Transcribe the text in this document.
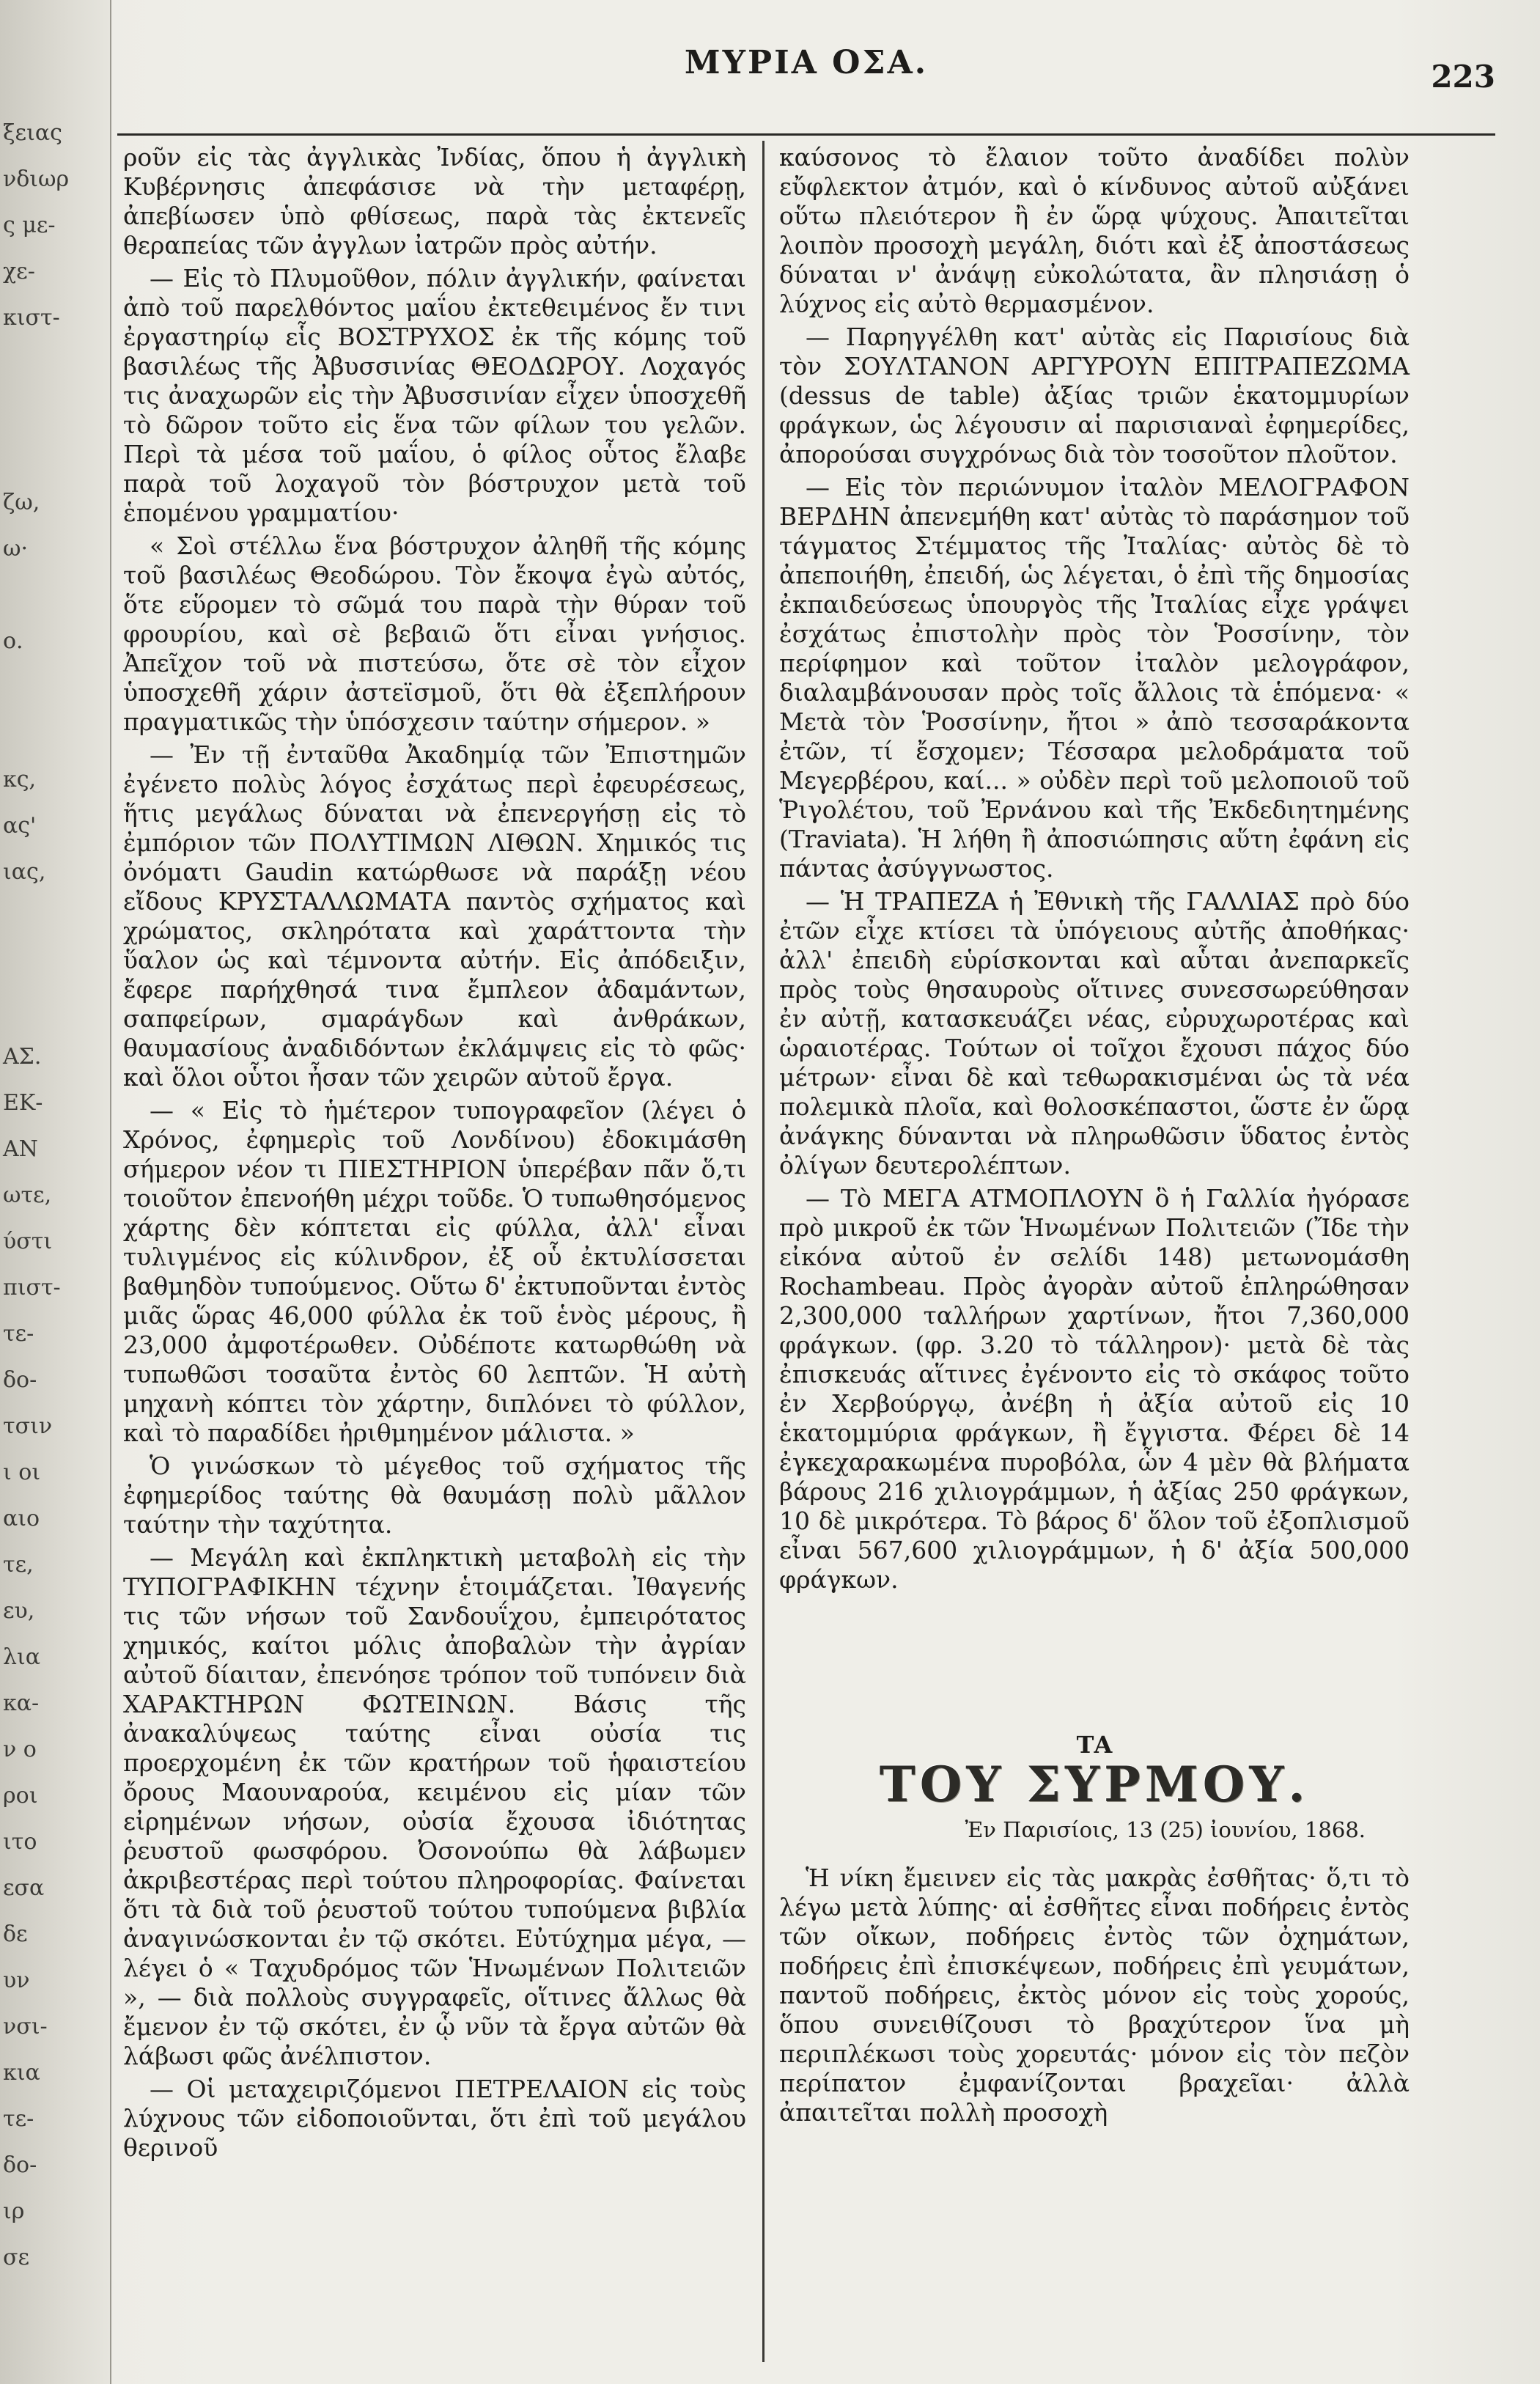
ξειας
νδιωρ
ς με-
χε-
κιστ-

ζω,
ω·

ο.

κς,
ας'
ιας,

ΑΣ.
ΕΚ-
ΑΝ
ωτε,
ύστι
πιστ-
τε-
δο-
τσιν
ι οι
αιο
τε,
ευ,
λια
κα-
ν ο
ροι
ιτο
εσα
δε
υν
νσι-
κια
τε-
δο-
ιρ
σε
ΜΥΡΙΑ ΟΣΑ.	223

ροῦν εἰς τὰς ἀγγλικὰς Ἰνδίας, ὅπου ἡ ἀγγλικὴ Κυβέρνησις ἀπεφάσισε νὰ τὴν μεταφέρῃ, ἀπεβίωσεν ὑπὸ φθίσεως, παρὰ τὰς ἐκτενεῖς θεραπείας τῶν ἀγγλων ἰατρῶν πρὸς αὐτήν.

— Εἰς τὸ Πλυμοῦθον, πόλιν ἀγγλικήν, φαίνεται ἀπὸ τοῦ παρελθόντος μαΐου ἐκτεθειμένος ἔν τινι ἐργαστηρίῳ εἷς ΒΟΣΤΡΥΧΟΣ ἐκ τῆς κόμης τοῦ βασιλέως τῆς Ἀβυσσινίας ΘΕΟΔΩΡΟΥ. Λοχαγός τις ἀναχωρῶν εἰς τὴν Ἀβυσσινίαν εἶχεν ὑποσχεθῆ τὸ δῶρον τοῦτο εἰς ἕνα τῶν φίλων του γελῶν. Περὶ τὰ μέσα τοῦ μαΐου, ὁ φίλος οὗτος ἔλαβε παρὰ τοῦ λοχαγοῦ τὸν βόστρυχον μετὰ τοῦ ἑπομένου γραμματίου·

« Σοὶ στέλλω ἕνα βόστρυχον ἀληθῆ τῆς κόμης τοῦ βασιλέως Θεοδώρου. Τὸν ἔκοψα ἐγὼ αὐτός, ὅτε εὕρομεν τὸ σῶμά του παρὰ τὴν θύραν τοῦ φρουρίου, καὶ σὲ βεβαιῶ ὅτι εἶναι γνήσιος. Ἀπεῖχον τοῦ νὰ πιστεύσω, ὅτε σὲ τὸν εἶχον ὑποσχεθῆ χάριν ἀστεϊσμοῦ, ὅτι θὰ ἐξεπλήρουν πραγματικῶς τὴν ὑπόσχεσιν ταύτην σήμερον. »

— Ἐν τῇ ἐνταῦθα Ἀκαδημίᾳ τῶν Ἐπιστημῶν ἐγένετο πολὺς λόγος ἐσχάτως περὶ ἐφευρέσεως, ἥτις μεγάλως δύναται νὰ ἐπενεργήσῃ εἰς τὸ ἐμπόριον τῶν ΠΟΛΥΤΙΜΩΝ ΛΙΘΩΝ. Χημικός τις ὀνόματι Gaudin κατώρθωσε νὰ παράξῃ νέου εἴδους ΚΡΥΣΤΑΛΛΩΜΑΤΑ παντὸς σχήματος καὶ χρώματος, σκληρότατα καὶ χαράττοντα τὴν ὕαλον ὡς καὶ τέμνοντα αὐτήν. Εἰς ἀπόδειξιν, ἔφερε παρήχθησά τινα ἔμπλεον ἀδαμάντων, σαπφείρων, σμαράγδων καὶ ἀνθράκων, θαυμασίους ἀναδιδόντων ἐκλάμψεις εἰς τὸ φῶς· καὶ ὅλοι οὗτοι ἦσαν τῶν χειρῶν αὐτοῦ ἔργα.

— « Εἰς τὸ ἡμέτερον τυπογραφεῖον (λέγει ὁ Χρόνος, ἐφημερὶς τοῦ Λονδίνου) ἐδοκιμάσθη σήμερον νέον τι ΠΙΕΣΤΗΡΙΟΝ ὑπερέβαν πᾶν ὅ,τι τοιοῦτον ἐπενοήθη μέχρι τοῦδε. Ὁ τυπωθησόμενος χάρτης δὲν κόπτεται εἰς φύλλα, ἀλλ' εἶναι τυλιγμένος εἰς κύλινδρον, ἐξ οὗ ἐκτυλίσσεται βαθμηδὸν τυπούμενος. Οὕτω δ' ἐκτυποῦνται ἐντὸς μιᾶς ὥρας 46,000 φύλλα ἐκ τοῦ ἑνὸς μέρους, ἢ 23,000 ἀμφοτέρωθεν. Οὐδέποτε κατωρθώθη νὰ τυπωθῶσι τοσαῦτα ἐντὸς 60 λεπτῶν. Ἡ αὐτὴ μηχανὴ κόπτει τὸν χάρτην, διπλόνει τὸ φύλλον, καὶ τὸ παραδίδει ἠριθμημένον μάλιστα. »

Ὁ γινώσκων τὸ μέγεθος τοῦ σχήματος τῆς ἐφημερίδος ταύτης θὰ θαυμάσῃ πολὺ μᾶλλον ταύτην τὴν ταχύτητα.

— Μεγάλη καὶ ἐκπληκτικὴ μεταβολὴ εἰς τὴν ΤΥΠΟΓΡΑΦΙΚΗΝ τέχνην ἑτοιμάζεται. Ἰθαγενής τις τῶν νήσων τοῦ Σανδουΐχου, ἐμπειρότατος χημικός, καίτοι μόλις ἀποβαλὼν τὴν ἀγρίαν αὐτοῦ δίαιταν, ἐπενόησε τρόπον τοῦ τυπόνειν διὰ ΧΑΡΑΚΤΗΡΩΝ ΦΩΤΕΙΝΩΝ. Βάσις τῆς ἀνακαλύψεως ταύτης εἶναι οὐσία τις προερχομένη ἐκ τῶν κρατήρων τοῦ ἡφαιστείου ὄρους Μαουναρούα, κειμένου εἰς μίαν τῶν εἰρημένων νήσων, οὐσία ἔχουσα ἰδιότητας ῥευστοῦ φωσφόρου. Ὀσονούπω θὰ λάβωμεν ἀκριβεστέρας περὶ τούτου πληροφορίας. Φαίνεται ὅτι τὰ διὰ τοῦ ῥευστοῦ τούτου τυπούμενα βιβλία ἀναγινώσκονται ἐν τῷ σκότει. Εὐτύχημα μέγα, — λέγει ὁ « Ταχυδρόμος τῶν Ἡνωμένων Πολιτειῶν », — διὰ πολλοὺς συγγραφεῖς, οἵτινες ἄλλως θὰ ἔμενον ἐν τῷ σκότει, ἐν ᾧ νῦν τὰ ἔργα αὐτῶν θὰ λάβωσι φῶς ἀνέλπιστον.

— Οἱ μεταχειριζόμενοι ΠΕΤΡΕΛΑΙΟΝ εἰς τοὺς λύχνους τῶν εἰδοποιοῦνται, ὅτι ἐπὶ τοῦ μεγάλου θερινοῦ

καύσονος τὸ ἔλαιον τοῦτο ἀναδίδει πολὺν εὔφλεκτον ἀτμόν, καὶ ὁ κίνδυνος αὐτοῦ αὐξάνει οὕτω πλειότερον ἢ ἐν ὥρᾳ ψύχους. Ἀπαιτεῖται λοιπὸν προσοχὴ μεγάλη, διότι καὶ ἐξ ἀποστάσεως δύναται ν' ἀνάψῃ εὐκολώτατα, ἂν πλησιάσῃ ὁ λύχνος εἰς αὐτὸ θερμασμένον.

— Παρηγγέλθη κατ' αὐτὰς εἰς Παρισίους διὰ τὸν ΣΟΥΛΤΑΝΟΝ ΑΡΓΥΡΟΥΝ ΕΠΙΤΡΑΠΕΖΩΜΑ (dessus de table) ἀξίας τριῶν ἑκατομμυρίων φράγκων, ὡς λέγουσιν αἱ παρισιαναὶ ἐφημερίδες, ἀπορούσαι συγχρόνως διὰ τὸν τοσοῦτον πλοῦτον.

— Εἰς τὸν περιώνυμον ἰταλὸν ΜΕΛΟΓΡΑΦΟΝ ΒΕΡΔΗΝ ἀπενεμήθη κατ' αὐτὰς τὸ παράσημον τοῦ τάγματος Στέμματος τῆς Ἰταλίας· αὐτὸς δὲ τὸ ἀπεποιήθη, ἐπειδή, ὡς λέγεται, ὁ ἐπὶ τῆς δημοσίας ἐκπαιδεύσεως ὑπουργὸς τῆς Ἰταλίας εἶχε γράψει ἐσχάτως ἐπιστολὴν πρὸς τὸν Ῥοσσίνην, τὸν περίφημον καὶ τοῦτον ἰταλὸν μελογράφον, διαλαμβάνουσαν πρὸς τοῖς ἄλλοις τὰ ἑπόμενα· « Μετὰ τὸν Ῥοσσίνην, ἤτοι » ἀπὸ τεσσαράκοντα ἐτῶν, τί ἔσχομεν; Τέσσαρα μελοδράματα τοῦ Μεγερβέρου, καί... » οὐδὲν περὶ τοῦ μελοποιοῦ τοῦ Ῥιγολέτου, τοῦ Ἐρνάνου καὶ τῆς Ἐκδεδιητημένης (Traviata). Ἡ λήθη ἢ ἀποσιώπησις αὕτη ἐφάνη εἰς πάντας ἀσύγγνωστος.

— Ἡ ΤΡΑΠΕΖΑ ἡ Ἐθνικὴ τῆς ΓΑΛΛΙΑΣ πρὸ δύο ἐτῶν εἶχε κτίσει τὰ ὑπόγειους αὐτῆς ἀποθήκας· ἀλλ' ἐπειδὴ εὑρίσκονται καὶ αὗται ἀνεπαρκεῖς πρὸς τοὺς θησαυροὺς οἵτινες συνεσσωρεύθησαν ἐν αὐτῇ, κατασκευάζει νέας, εὐρυχωροτέρας καὶ ὡραιοτέρας. Τούτων οἱ τοῖχοι ἔχουσι πάχος δύο μέτρων· εἶναι δὲ καὶ τεθωρακισμέναι ὡς τὰ νέα πολεμικὰ πλοῖα, καὶ θολοσκέπαστοι, ὥστε ἐν ὥρᾳ ἀνάγκης δύνανται νὰ πληρωθῶσιν ὕδατος ἐντὸς ὀλίγων δευτερολέπτων.

— Τὸ ΜΕΓΑ ΑΤΜΟΠΛΟΥΝ ὃ ἡ Γαλλία ἠγόρασε πρὸ μικροῦ ἐκ τῶν Ἡνωμένων Πολιτειῶν (Ἴδε τὴν εἰκόνα αὐτοῦ ἐν σελίδι 148) μετωνομάσθη Rochambeau. Πρὸς ἀγορὰν αὐτοῦ ἐπληρώθησαν 2,300,000 ταλλήρων χαρτίνων, ἤτοι 7,360,000 φράγκων. (φρ. 3.20 τὸ τάλληρον)· μετὰ δὲ τὰς ἐπισκευάς αἵτινες ἐγένοντο εἰς τὸ σκάφος τοῦτο ἐν Χερβούργῳ, ἀνέβη ἡ ἀξία αὐτοῦ εἰς 10 ἑκατομμύρια φράγκων, ἢ ἔγγιστα. Φέρει δὲ 14 ἐγκεχαρακωμένα πυροβόλα, ὧν 4 μὲν θὰ βλήματα βάρους 216 χιλιογράμμων, ἡ ἀξίας 250 φράγκων, 10 δὲ μικρότερα. Τὸ βάρος δ' ὅλον τοῦ ἐξοπλισμοῦ εἶναι 567,600 χιλιογράμμων, ἡ δ' ἀξία 500,000 φράγκων.

ΤΑ
ΤΟΥ ΣΥΡΜΟΥ.
Ἐν Παρισίοις, 13 (25) ἰουνίου, 1868.

Ἡ νίκη ἔμεινεν εἰς τὰς μακρὰς ἐσθῆτας· ὅ,τι τὸ λέγω μετὰ λύπης· αἱ ἐσθῆτες εἶναι ποδήρεις ἐντὸς τῶν οἴκων, ποδήρεις ἐντὸς τῶν ὀχημάτων, ποδήρεις ἐπὶ ἐπισκέψεων, ποδήρεις ἐπὶ γευμάτων, παντοῦ ποδήρεις, ἐκτὸς μόνον εἰς τοὺς χορούς, ὅπου συνειθίζουσι τὸ βραχύτερον ἵνα μὴ περιπλέκωσι τοὺς χορευτάς· μόνον εἰς τὸν πεζὸν περίπατον ἐμφανίζονται βραχεῖαι· ἀλλὰ ἀπαιτεῖται πολλὴ προσοχὴ
